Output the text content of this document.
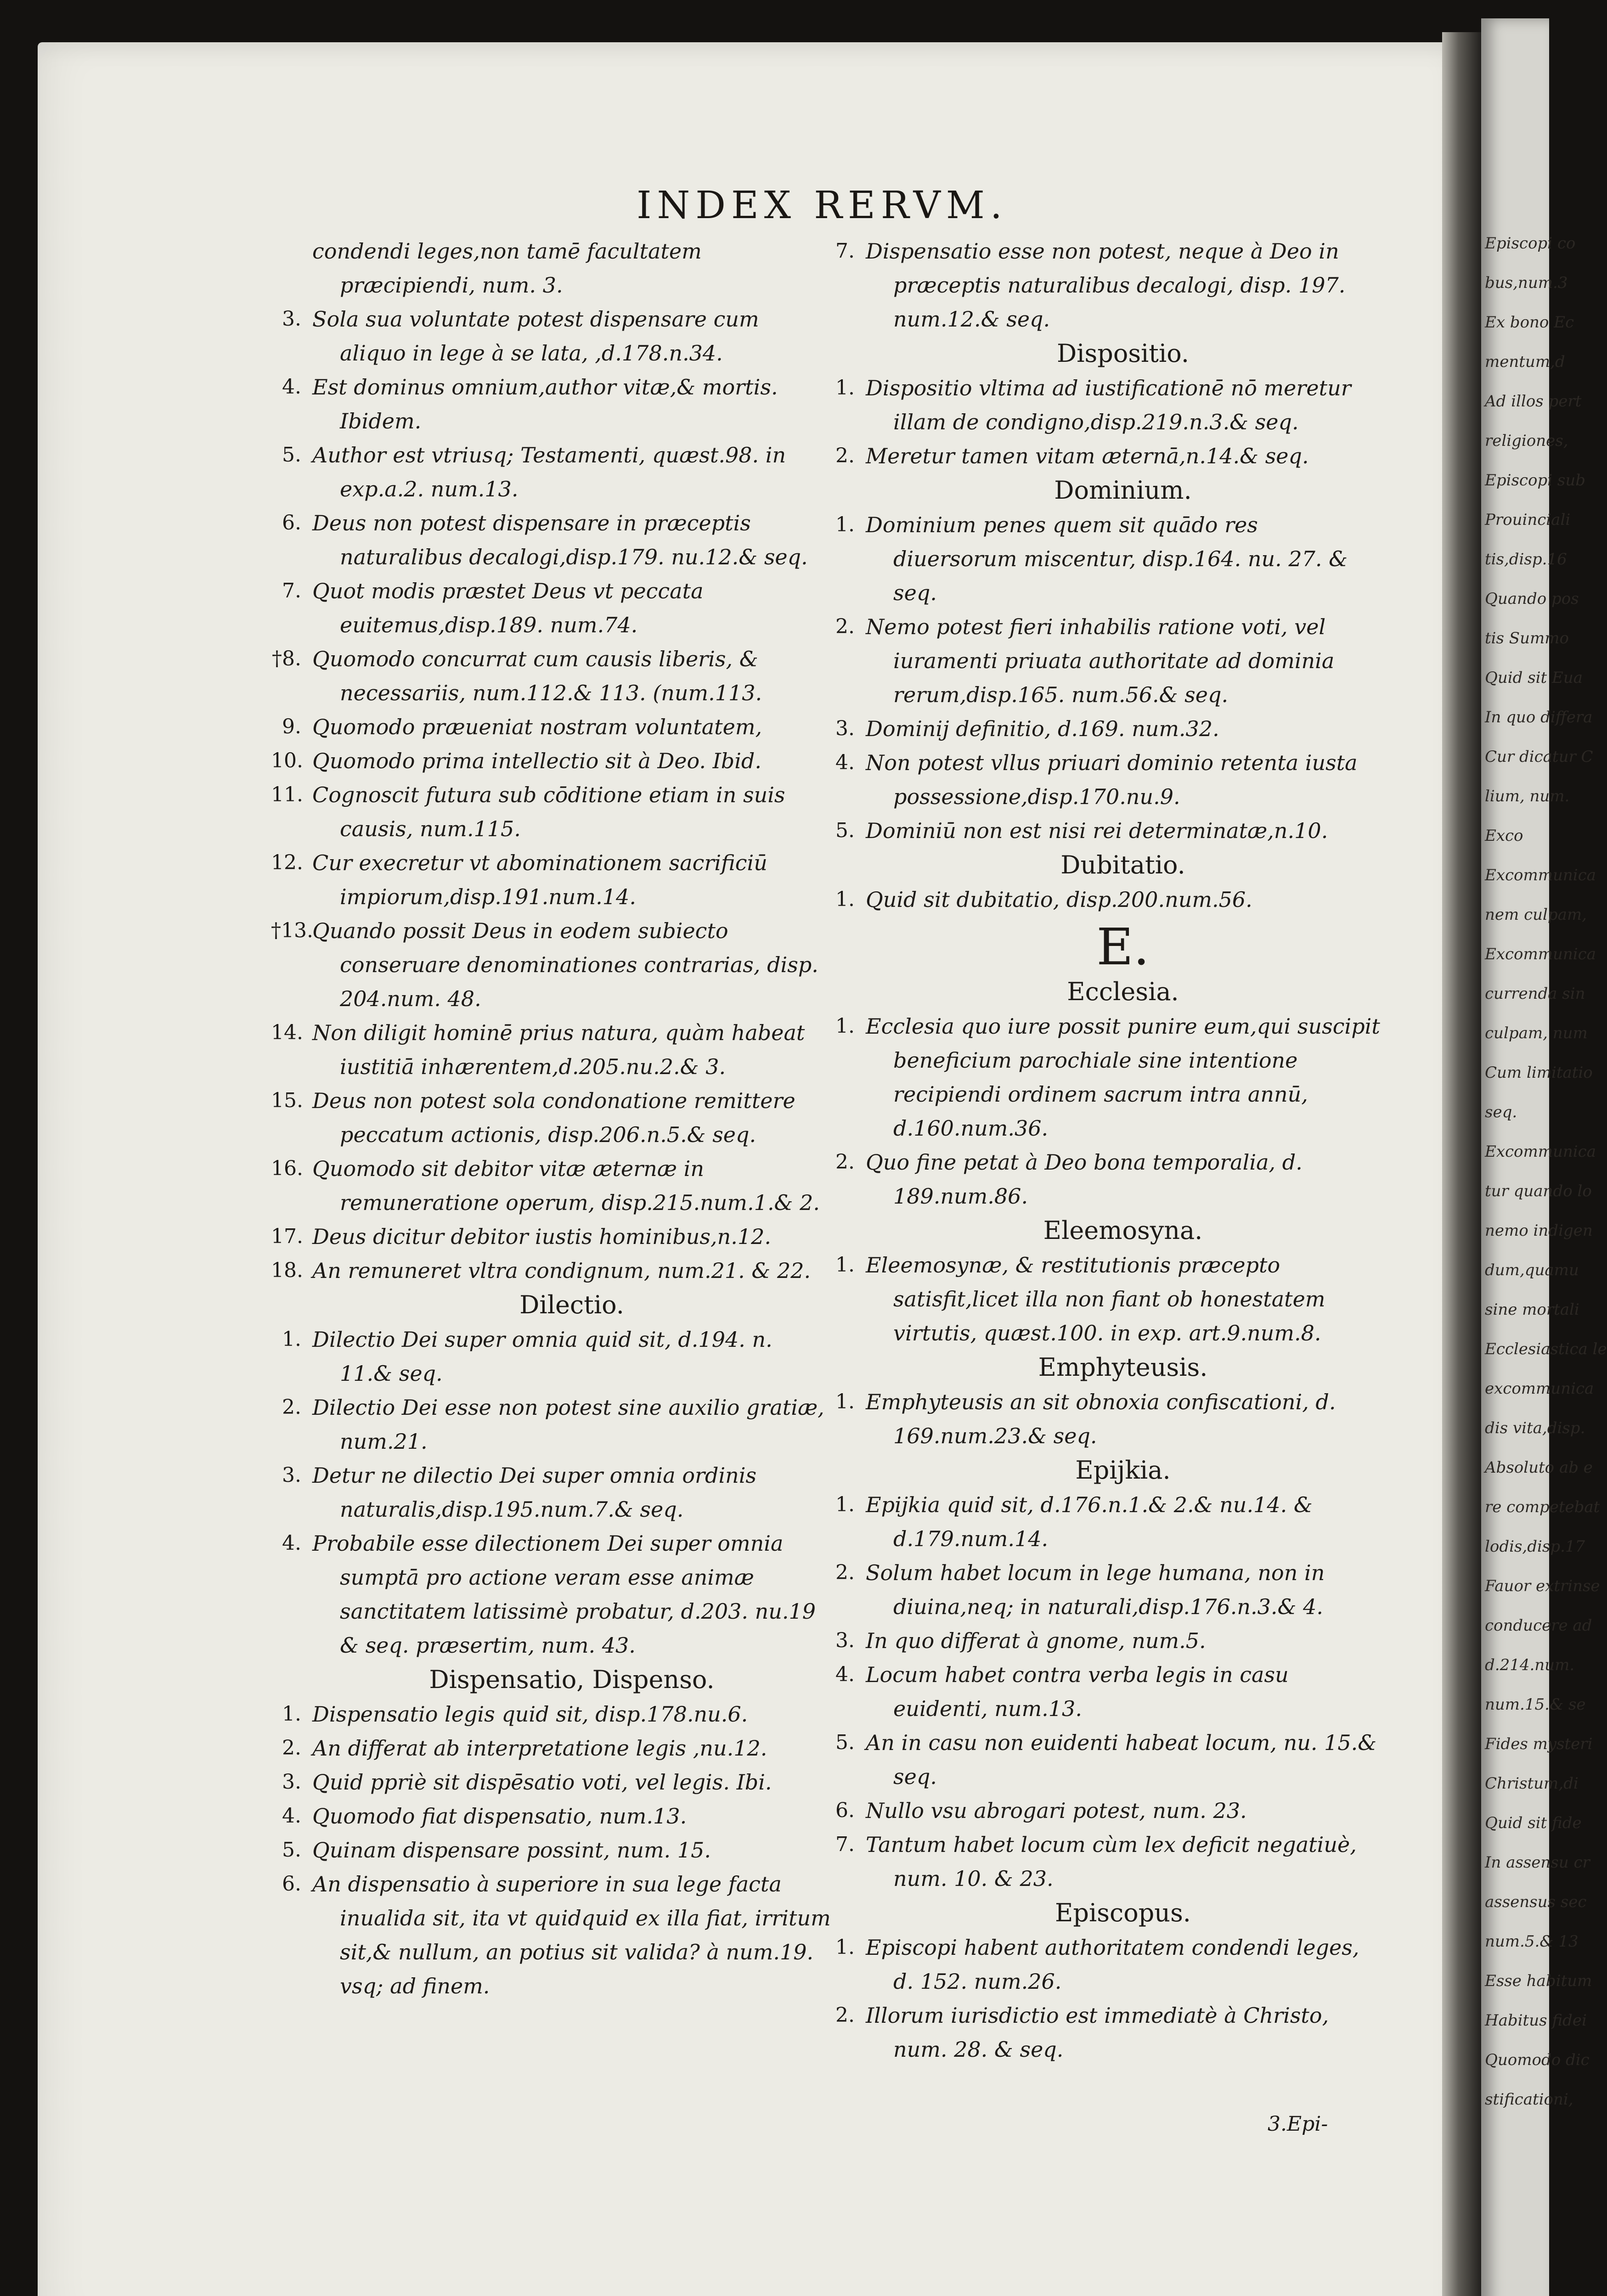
Episcopi co
bus,num.3
Ex bono Ec
mentum,d
Ad illos pert
religiones,
Episcopi sub
Prouinciali
tis,disp.16
Quando pos
tis Summo
Quid sit Eua
In quo differa
Cur dicatur C
lium, num.
Exco
Excommunica
nem culpam,
Excommunica
currenda sin
culpam, num
Cum limitatio
seq.
Excommunica
tur quando lo
nemo indigen
dum,quamu
sine mortali
Ecclesiastica le
excommunica
dis vita,disp.
Absoluto ab e
re competebat
lodis,disp.17
Fauor extrinse
conducere ad
d.214.num.
num.15.& se
Fides mysteri
Christum,di
Quid sit fide
In assensu cr
assensus sec
num.5.& 13
Esse habitum
Habitus fidei
Quomodo dic
stificationi,
INDEX RERVM.
condendi leges,non tamē facultatem præcipiendi, num. 3.
3. Sola sua voluntate potest dispensare cum aliquo in lege à se lata, ,d.178.n.34.
4. Est dominus omnium,author vitæ,& mortis. Ibidem.
5. Author est vtriusq; Testamenti, quæst.98. in exp.a.2. num.13.
6. Deus non potest dispensare in præceptis naturalibus decalogi,disp.179. nu.12.& seq.
7. Quot modis præstet Deus vt peccata euitemus,disp.189. num.74.
†8. Quomodo concurrat cum causis liberis, & necessariis, num.112.& 113. (num.113.
9. Quomodo præueniat nostram voluntatem,
10. Quomodo prima intellectio sit à Deo. Ibid.
11. Cognoscit futura sub cōditione etiam in suis causis, num.115.
12. Cur execretur vt abominationem sacrificiū impiorum,disp.191.num.14.
†13.
Quando possit Deus in eodem subiecto conseruare denominationes contrarias, disp. 204.num. 48.
14. Non diligit hominē prius natura, quàm habeat iustitiā inhærentem,d.205.nu.2.& 3.
15. Deus non potest sola condonatione remittere peccatum actionis, disp.206.n.5.& seq.
16. Quomodo sit debitor vitæ æternæ in remuneratione operum, disp.215.num.1.& 2.
17. Deus dicitur debitor iustis hominibus,n.12.
18. An remuneret vltra condignum, num.21. & 22.
Dilectio.
1. Dilectio Dei super omnia quid sit, d.194. n. 11.& seq.
2. Dilectio Dei esse non potest sine auxilio gratiæ, num.21.
3. Detur ne dilectio Dei super omnia ordinis naturalis,disp.195.num.7.& seq.
4. Probabile esse dilectionem Dei super omnia sumptā pro actione veram esse animæ sanctitatem latissimè probatur, d.203. nu.19 & seq. præsertim, num. 43.
Dispensatio, Dispenso.
1. Dispensatio legis quid sit, disp.178.nu.6.
2. An differat ab interpretatione legis ,nu.12.
3. Quid ppriè sit dispēsatio voti, vel legis. Ibi.
4. Quomodo fiat dispensatio, num.13.
5. Quinam dispensare possint, num. 15.
6. An dispensatio à superiore in sua lege facta inualida sit, ita vt quidquid ex illa fiat, irritum sit,& nullum, an potius sit valida? à num.19. vsq; ad finem.
7. Dispensatio esse non potest, neque à Deo in præceptis naturalibus decalogi, disp. 197. num.12.& seq.
Dispositio.
1. Dispositio vltima ad iustificationē nō meretur illam de condigno,disp.219.n.3.& seq.
2. Meretur tamen vitam æternā,n.14.& seq.
Dominium.
1. Dominium penes quem sit quādo res diuersorum miscentur, disp.164. nu. 27. & seq.
2. Nemo potest fieri inhabilis ratione voti, vel iuramenti priuata authoritate ad dominia rerum,disp.165. num.56.& seq.
3. Dominij definitio, d.169. num.32.
4. Non potest vllus priuari dominio retenta iusta possessione,disp.170.nu.9.
5. Dominiū non est nisi rei determinatæ,n.10.
Dubitatio.
1. Quid sit dubitatio, disp.200.num.56.
E.
Ecclesia.
1. Ecclesia quo iure possit punire eum,qui suscipit beneficium parochiale sine intentione recipiendi ordinem sacrum intra annū, d.160.num.36.
2. Quo fine petat à Deo bona temporalia, d. 189.num.86.
Eleemosyna.
1. Eleemosynæ, & restitutionis præcepto satisfit,licet illa non fiant ob honestatem virtutis, quæst.100. in exp. art.9.num.8.
Emphyteusis.
1. Emphyteusis an sit obnoxia confiscationi, d. 169.num.23.& seq.
Epijkia.
1. Epijkia quid sit, d.176.n.1.& 2.& nu.14. & d.179.num.14.
2. Solum habet locum in lege humana, non in diuina,neq; in naturali,disp.176.n.3.& 4.
3. In quo differat à gnome, num.5.
4. Locum habet contra verba legis in casu euidenti, num.13.
5. An in casu non euidenti habeat locum, nu. 15.& seq.
6. Nullo vsu abrogari potest, num. 23.
7. Tantum habet locum cùm lex deficit negatiuè, num. 10. & 23.
Episcopus.
1. Episcopi habent authoritatem condendi leges, d. 152. num.26.
2. Illorum iurisdictio est immediatè à Christo, num. 28. & seq.
3.Epi-
